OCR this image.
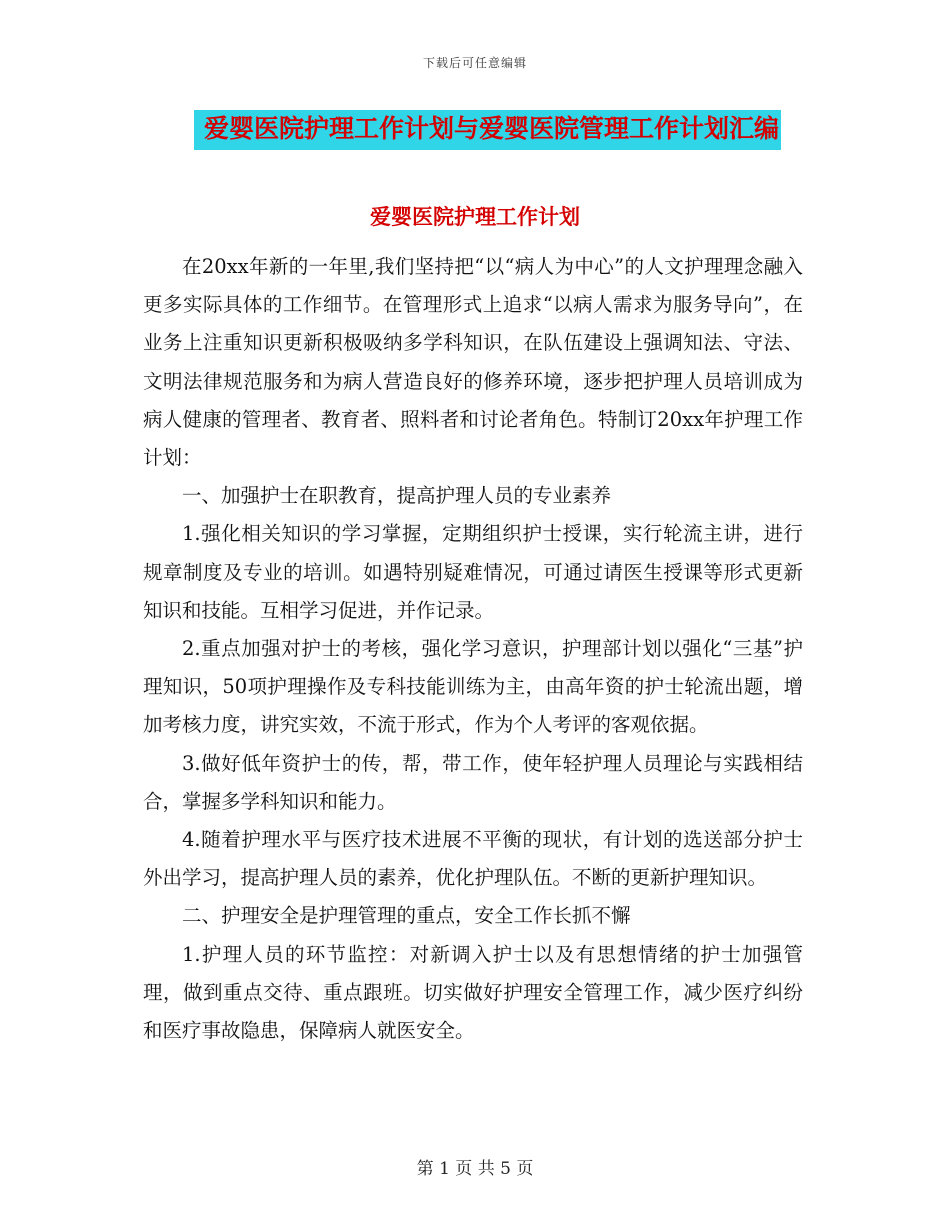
下载后可任意编辑
爱婴医院护理工作计划与爱婴医院管理工作计划汇编
爱婴医院护理工作计划

在20xx年新的一年里,我们坚持把“以“病人为中心”的人文护理理念融入更多实际具体的工作细节。在管理形式上追求“以病人需求为服务导向”，在业务上注重知识更新积极吸纳多学科知识，在队伍建设上强调知法、守法、文明法律规范服务和为病人营造良好的修养环境，逐步把护理人员培训成为病人健康的管理者、教育者、照料者和讨论者角色。特制订20xx年护理工作计划：

一、加强护士在职教育，提高护理人员的专业素养

1.强化相关知识的学习掌握，定期组织护士授课，实行轮流主讲，进行规章制度及专业的培训。如遇特别疑难情况，可通过请医生授课等形式更新知识和技能。互相学习促进，并作记录。

2.重点加强对护士的考核，强化学习意识，护理部计划以强化“三基”护理知识，50项护理操作及专科技能训练为主，由高年资的护士轮流出题，增加考核力度，讲究实效，不流于形式，作为个人考评的客观依据。

3.做好低年资护士的传，帮，带工作，使年轻护理人员理论与实践相结合，掌握多学科知识和能力。

4.随着护理水平与医疗技术进展不平衡的现状，有计划的选送部分护士外出学习，提高护理人员的素养，优化护理队伍。不断的更新护理知识。

二、护理安全是护理管理的重点，安全工作长抓不懈

1.护理人员的环节监控：对新调入护士以及有思想情绪的护士加强管理，做到重点交待、重点跟班。切实做好护理安全管理工作，减少医疗纠纷和医疗事故隐患，保障病人就医安全。

第 1 页 共 5 页
